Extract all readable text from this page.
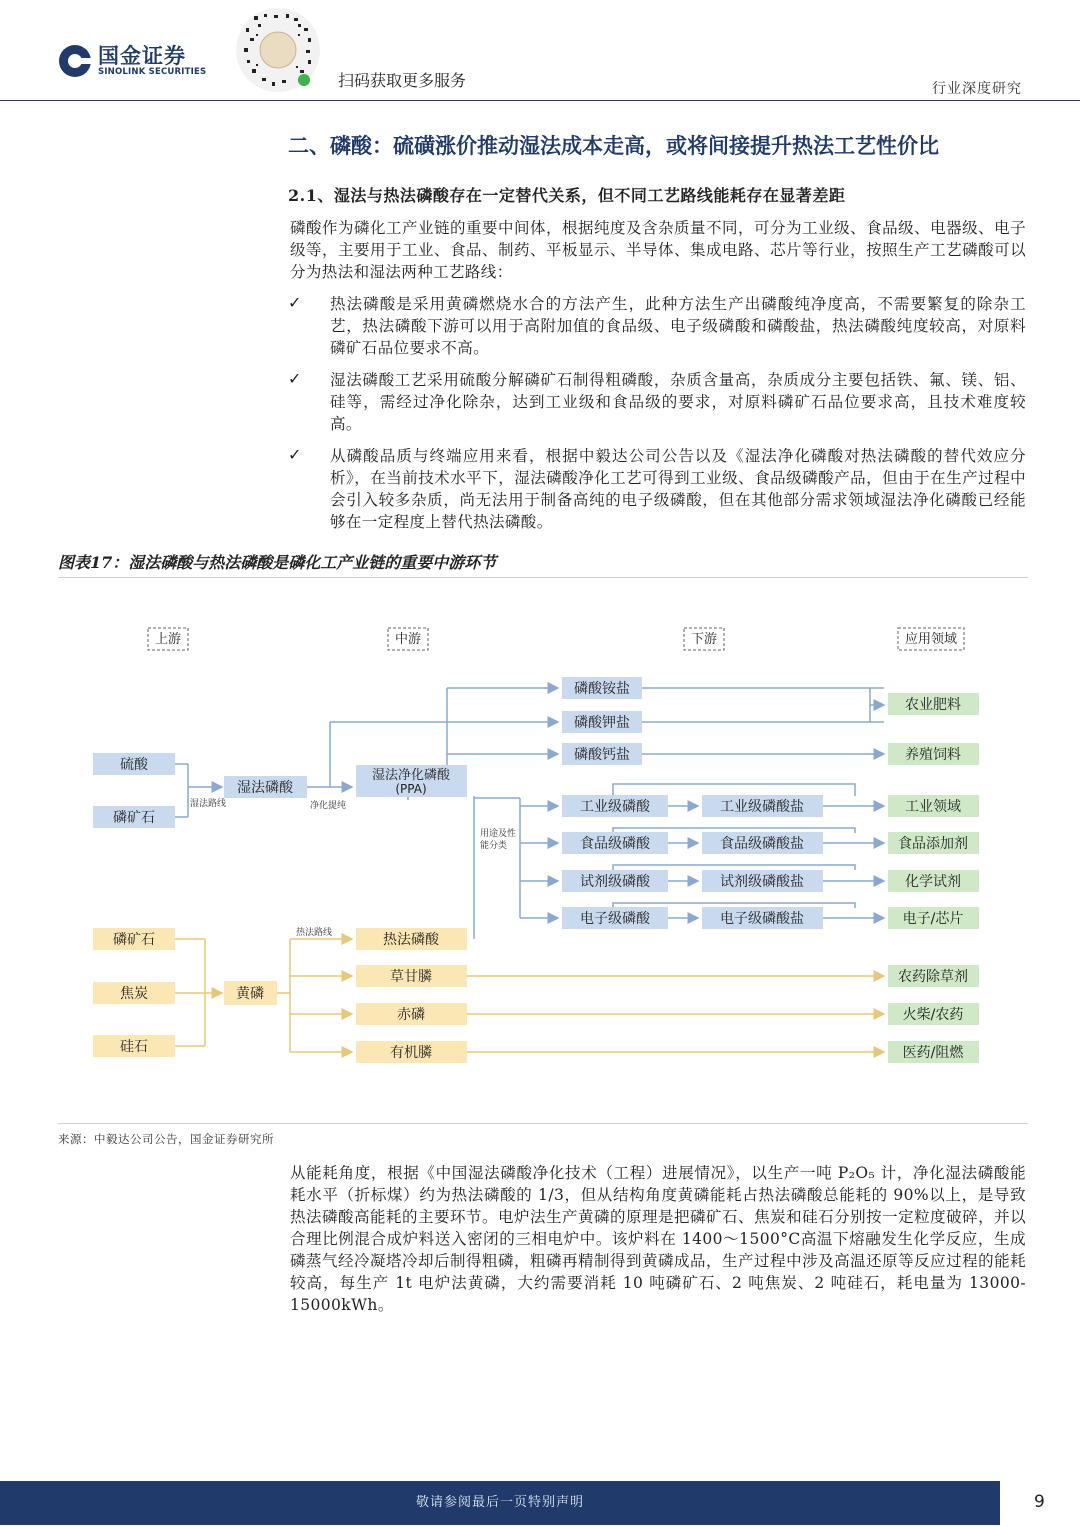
国金证券
SINOLINK SECURITIES	扫码获取更多服务	行业深度研究
二、磷酸：硫磺涨价推动湿法成本走高，或将间接提升热法工艺性价比
2.1、湿法与热法磷酸存在一定替代关系，但不同工艺路线能耗存在显著差距
磷酸作为磷化工产业链的重要中间体，根据纯度及含杂质量不同，可分为工业级、食品级、电器级、电子级等，主要用于工业、食品、制药、平板显示、半导体、集成电路、芯片等行业，按照生产工艺磷酸可以分为热法和湿法两种工艺路线：
✓ 热法磷酸是采用黄磷燃烧水合的方法产生，此种方法生产出磷酸纯净度高，不需要繁复的除杂工艺，热法磷酸下游可以用于高附加值的食品级、电子级磷酸和磷酸盐，热法磷酸纯度较高，对原料磷矿石品位要求不高。
✓ 湿法磷酸工艺采用硫酸分解磷矿石制得粗磷酸，杂质含量高，杂质成分主要包括铁、氟、镁、铝、硅等，需经过净化除杂，达到工业级和食品级的要求，对原料磷矿石品位要求高，且技术难度较高。
✓ 从磷酸品质与终端应用来看，根据中毅达公司公告以及《湿法净化磷酸对热法磷酸的替代效应分析》，在当前技术水平下，湿法磷酸净化工艺可得到工业级、食品级磷酸产品，但由于在生产过程中会引入较多杂质，尚无法用于制备高纯的电子级磷酸，但在其他部分需求领域湿法净化磷酸已经能够在一定程度上替代热法磷酸。
图表17：湿法磷酸与热法磷酸是磷化工产业链的重要中游环节
上游	中游	下游	应用领域
湿法路线	净化提纯
用途及性
能分类
热法路线
硫酸
磷矿石
湿法磷酸
湿法净化磷酸
(PPA)
磷酸铵盐
磷酸钾盐
磷酸钙盐
工业级磷酸
食品级磷酸
试剂级磷酸
电子级磷酸
工业级磷酸盐
食品级磷酸盐
试剂级磷酸盐
电子级磷酸盐
磷矿石
焦炭
硅石
黄磷
热法磷酸
草甘膦
赤磷
有机膦
农业肥料
养殖饲料
工业领域
食品添加剂
化学试剂
电子/芯片
农药除草剂
火柴/农药
医药/阻燃
来源：中毅达公司公告，国金证券研究所
从能耗角度，根据《中国湿法磷酸净化技术（工程）进展情况》，以生产一吨 P₂O₅ 计，净化湿法磷酸能耗水平（折标煤）约为热法磷酸的 1/3，但从结构角度黄磷能耗占热法磷酸总能耗的 90%以上，是导致热法磷酸高能耗的主要环节。电炉法生产黄磷的原理是把磷矿石、焦炭和硅石分别按一定粒度破碎，并以合理比例混合成炉料送入密闭的三相电炉中。该炉料在 1400～1500°C高温下熔融发生化学反应，生成磷蒸气经冷凝塔冷却后制得粗磷，粗磷再精制得到黄磷成品，生产过程中涉及高温还原等反应过程的能耗较高，每生产 1t 电炉法黄磷，大约需要消耗 10 吨磷矿石、2 吨焦炭、2 吨硅石，耗电量为 13000-15000kWh。
敬请参阅最后一页特别声明	9
